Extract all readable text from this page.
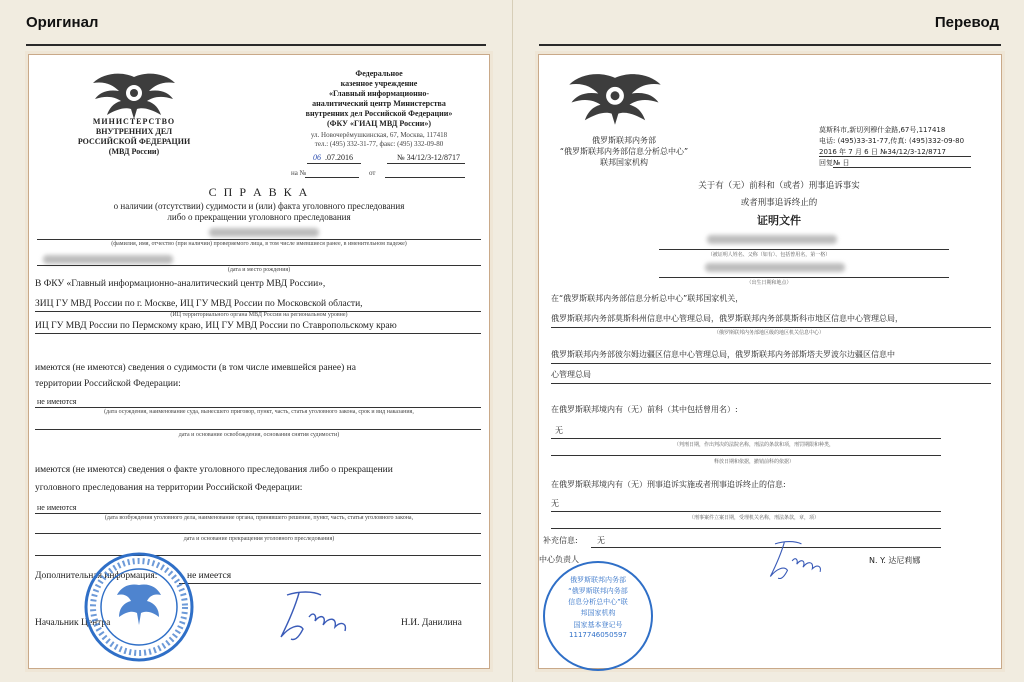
Оригинал
МИНИСТЕРСТВО
ВНУТРЕННИХ ДЕЛ
РОССИЙСКОЙ ФЕДЕРАЦИИ
(МВД России)
Федеральное
казенное учреждение
«Главный информационно-
аналитический центр Министерства
внутренних дел Российской Федерации»
(ФКУ «ГИАЦ МВД России»)
ул. Новочерёмушкинская, 67, Москва, 117418
тел.: (495) 332-31-77, факс: (495) 332-09-80
06 .07.2016	№ 34/12/3-12/8717
на №	от
С П Р А В К А
о наличии (отсутствии) судимости и (или) факта уголовного преследования
либо о прекращении уголовного преследования
(фамилия, имя, отчество (при наличии) проверяемого лица, в том числе имевшиеся ранее, в именительном падеже)
(дата и место рождения)
В ФКУ «Главный информационно-аналитический центр МВД России»,
ЗИЦ ГУ МВД России по г. Москве, ИЦ ГУ МВД России по Московской области,
(ИЦ территориального органа МВД России на региональном уровне)
ИЦ ГУ МВД России по Пермскому краю, ИЦ ГУ МВД России по Ставропольскому краю
имеются (не имеются) сведения о судимости (в том числе имевшейся ранее) на
территории Российской Федерации:
не имеются
(дата осуждения, наименование суда, вынесшего приговор, пункт, часть, статья уголовного закона, срок и вид наказания,
дата и основание освобождения, основания снятия судимости)
имеются (не имеются) сведения о факте уголовного преследования либо о прекращении
уголовного преследования на территории Российской Федерации:
не имеются
(дата возбуждения уголовного дела, наименование органа, принявшего решение, пункт, часть, статья уголовного закона,
дата и основание прекращения уголовного преследования)
Дополнительная информация:	не имеется
Начальник Центра	Н.И. Данилина
Перевод
俄罗斯联邦内务部
“俄罗斯联邦内务部信息分析总中心”
联邦国家机构
莫斯科市,新切列穆什金路,67号,117418
电话: (495)33-31-77,传真: (495)332-09-80
2016 年 7 月 6 日 №34/12/3-12/8717
回复№ 日
关于有（无）前科和（或者）刑事追诉事实
或者刑事追诉终止的
证明文件
（被证明人姓名、父称（如有）、包括曾用名，第一格）
（出生日期和地点）
在“俄罗斯联邦内务部信息分析总中心”联邦国家机关，
俄罗斯联邦内务部莫斯科州信息中心管理总局，俄罗斯联邦内务部莫斯科市地区信息中心管理总局，
（俄罗斯联邦内务部地区级的地区机关信息中心）
俄罗斯联邦内务部彼尔姆边疆区信息中心管理总局，俄罗斯联邦内务部斯塔夫罗波尔边疆区信息中
心管理总局
在俄罗斯联邦境内有（无）前科（其中包括曾用名）:
无
（判刑日期，作出判决的法院名称，刑法的条款和项，刑罚期限和种类，
释放日期和依据，撤销前科的依据）
在俄罗斯联邦境内有（无）刑事追诉实施或者刑事追诉终止的信息:
无
（刑事案件立案日期，受理机关名称，刑法条款，章，项）
补充信息: 无
中心负责人	N. Y. 达尼莉娜
俄罗斯联邦内务部
“俄罗斯联邦内务部
信息分析总中心”联
邦国家机构
国家基本登记号
1117746050597
